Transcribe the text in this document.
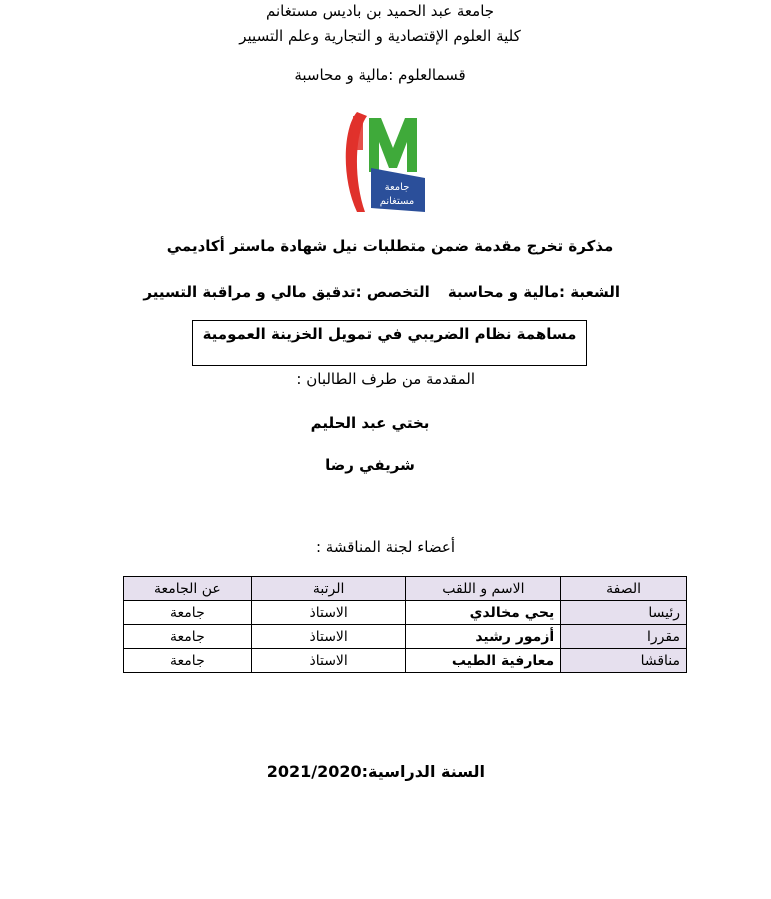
جامعة عبد الحميد بن باديس مستغانم
كلية العلوم الإقتصادية و التجارية وعلم التسيير
قسمالعلوم :مالية و محاسبة
جامعة
مستغانم
مذكرة تخرج مقدمة ضمن متطلبات نيل شهادة ماستر أكاديمي
الشعبة :مالية و محاسبةالتخصص :تدقيق مالي و مراقبة التسيير
مساهمة نظام الضريبي في تمويل الخزينة العمومية
المقدمة من طرف الطالبان :
بختي عبد الحليم
شريفي رضا
أعضاء لجنة المناقشة :
الصفة	الاسم و اللقب	الرتبة	عن الجامعة
رئيسا	يحي مخالدي	الاستاذ	جامعة
مقررا	أزمور رشيد	الاستاذ	جامعة
مناقشا	معارفية الطيب	الاستاذ	جامعة
السنة الدراسية:2021/2020
